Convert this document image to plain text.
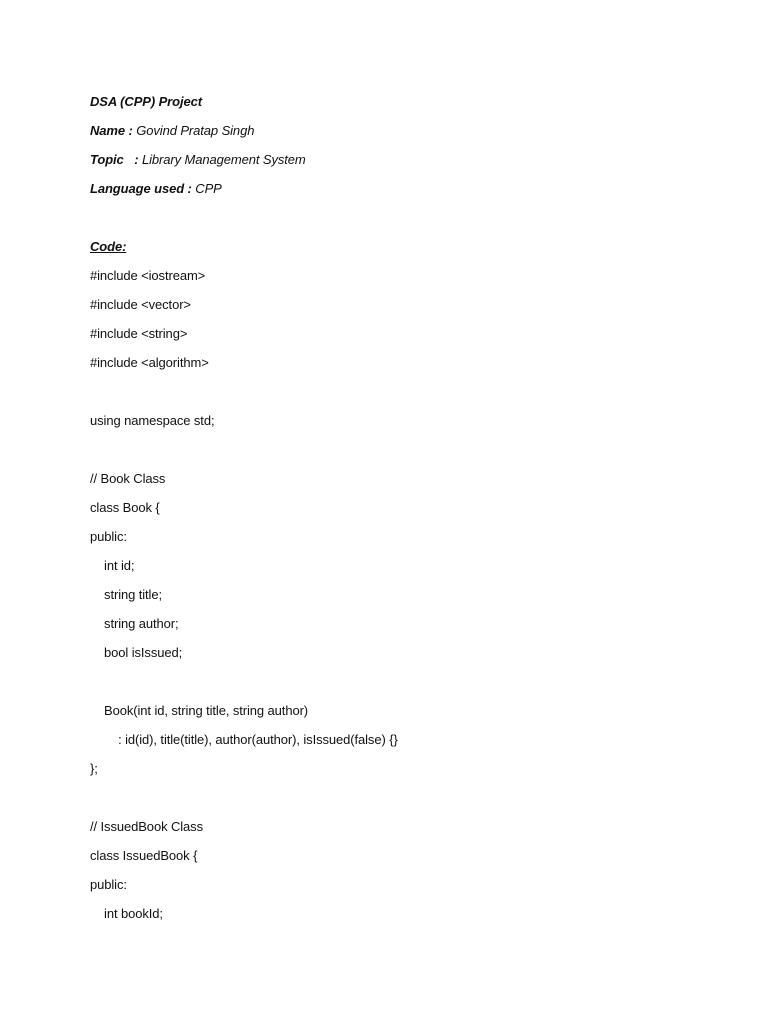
DSA (CPP) Project
Name : Govind Pratap Singh
Topic   : Library Management System
Language used : CPP
Code:
#include <iostream>
#include <vector>
#include <string>
#include <algorithm>
using namespace std;
// Book Class
class Book {
public:
int id;
string title;
string author;
bool isIssued;
Book(int id, string title, string author)
: id(id), title(title), author(author), isIssued(false) {}
};
// IssuedBook Class
class IssuedBook {
public:
int bookId;
